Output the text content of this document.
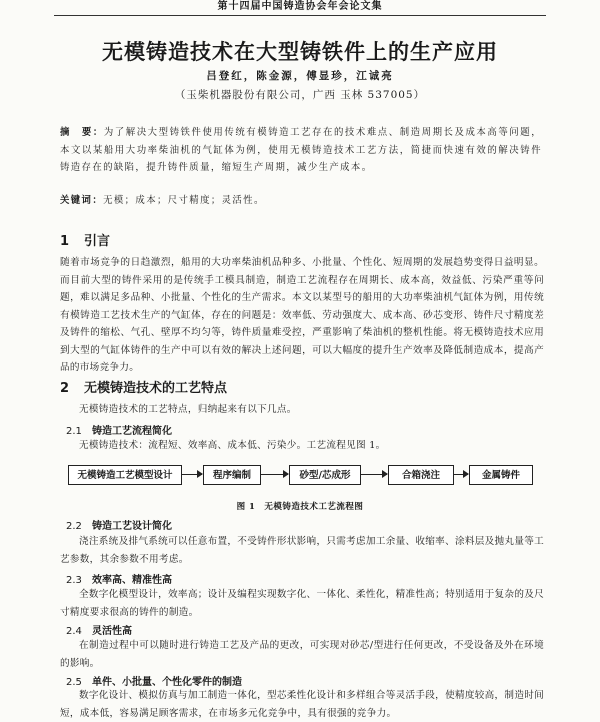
第十四届中国铸造协会年会论文集
无模铸造技术在大型铸铁件上的生产应用
吕登红，陈金源，傅显珍，江诚亮
（玉柴机器股份有限公司，广西 玉林 537005）
摘　要：为了解决大型铸铁件使用传统有模铸造工艺存在的技术难点、制造周期长及成本高等问题，本文以某船用大功率柴油机的气缸体为例，使用无模铸造技术工艺方法，简捷而快速有效的解决铸件铸造存在的缺陷，提升铸件质量，缩短生产周期，减少生产成本。
关键词：无模；成本；尺寸精度；灵活性。
1 引言
随着市场竞争的日趋激烈，船用的大功率柴油机品种多、小批量、个性化、短周期的发展趋势变得日益明显。而目前大型的铸件采用的是传统手工模具制造，制造工艺流程存在周期长、成本高，效益低、污染严重等问题，难以满足多品种、小批量、个性化的生产需求。本文以某型号的船用的大功率柴油机气缸体为例，用传统有模铸造工艺技术生产的气缸体，存在的问题是：效率低、劳动强度大、成本高、砂芯变形、铸件尺寸精度差及铸件的缩松、气孔、壁厚不均匀等，铸件质量难受控，严重影响了柴油机的整机性能。将无模铸造技术应用到大型的气缸体铸件的生产中可以有效的解决上述问题，可以大幅度的提升生产效率及降低制造成本，提高产品的市场竞争力。
2 无模铸造技术的工艺特点
无模铸造技术的工艺特点，归纳起来有以下几点。
2.1 铸造工艺流程简化
无模铸造技术：流程短、效率高、成本低、污染少。工艺流程见图 1。
无模铸造工艺模型设计	程序编制	砂型/芯成形	合箱浇注	金属铸件
图 1　无模铸造技术工艺流程图
2.2 铸造工艺设计简化
浇注系统及排气系统可以任意布置，不受铸件形状影响，只需考虑加工余量、收缩率、涂料层及抛丸量等工艺参数，其余参数不用考虑。
2.3 效率高、精准性高
全数字化模型设计，效率高；设计及编程实现数字化、一体化、柔性化，精准性高；特别适用于复杂的及尺寸精度要求很高的铸件的制造。
2.4 灵活性高
在制造过程中可以随时进行铸造工艺及产品的更改，可实现对砂芯/型进行任何更改，不受设备及外在环境的影响。
2.5 单件、小批量、个性化零件的制造
数字化设计、模拟仿真与加工制造一体化，型芯柔性化设计和多样组合等灵活手段，使精度较高，制造时间短，成本低，容易满足顾客需求，在市场多元化竞争中，具有很强的竞争力。
